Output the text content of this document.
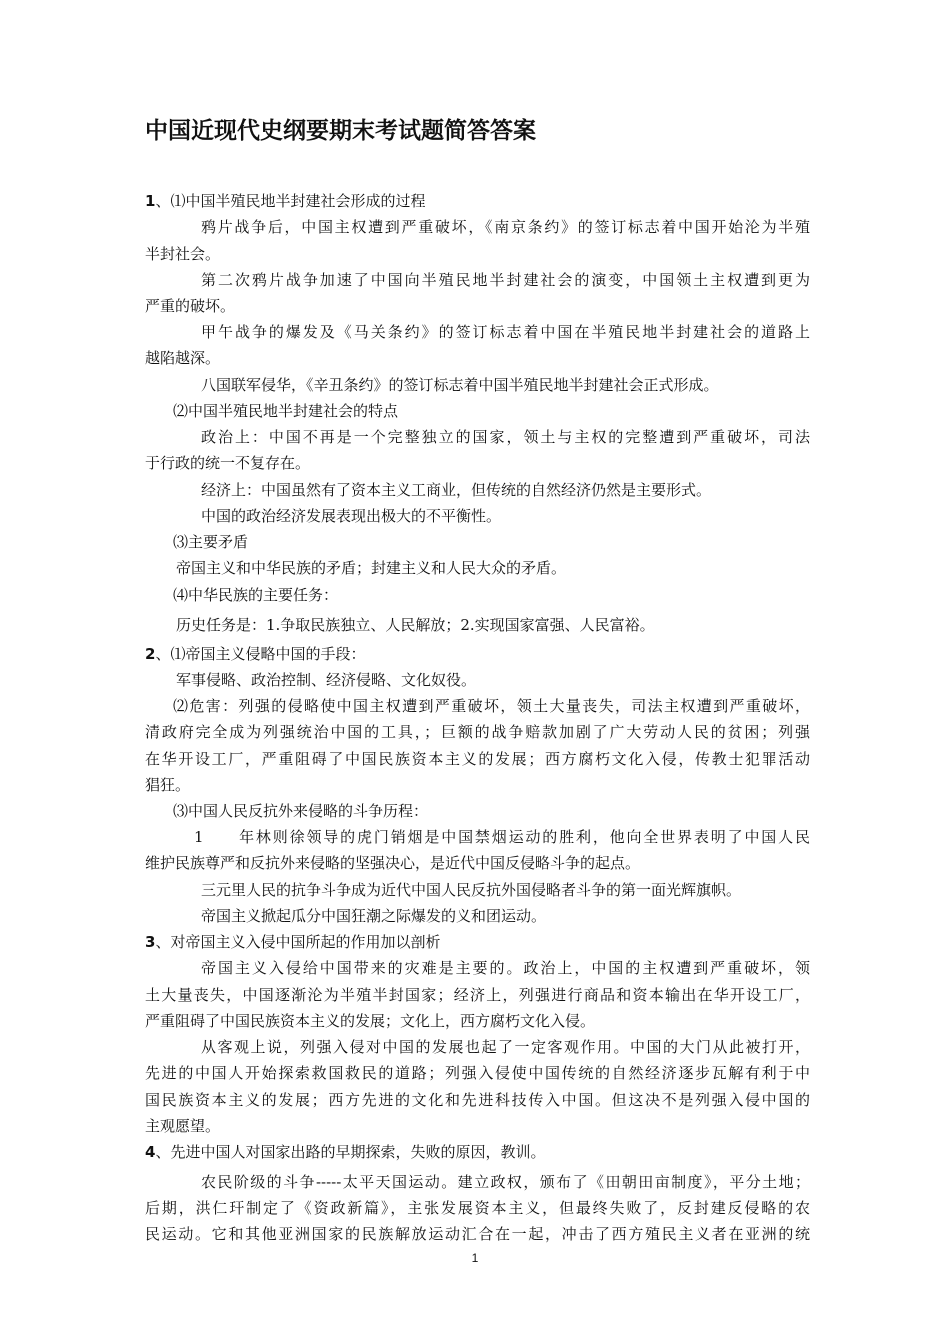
中国近现代史纲要期末考试题简答答案
1、⑴中国半殖民地半封建社会形成的过程
鸦片战争后，中国主权遭到严重破坏，《南京条约》的签订标志着中国开始沦为半殖
半封社会。
第二次鸦片战争加速了中国向半殖民地半封建社会的演变，中国领土主权遭到更为
严重的破坏。
甲午战争的爆发及《马关条约》的签订标志着中国在半殖民地半封建社会的道路上
越陷越深。
八国联军侵华，《辛丑条约》的签订标志着中国半殖民地半封建社会正式形成。
⑵中国半殖民地半封建社会的特点
政治上：中国不再是一个完整独立的国家，领土与主权的完整遭到严重破坏，司法
于行政的统一不复存在。
经济上：中国虽然有了资本主义工商业，但传统的自然经济仍然是主要形式。
中国的政治经济发展表现出极大的不平衡性。
⑶主要矛盾
帝国主义和中华民族的矛盾；封建主义和人民大众的矛盾。
⑷中华民族的主要任务：
历史任务是：1.争取民族独立、人民解放；2.实现国家富强、人民富裕。
2、⑴帝国主义侵略中国的手段：
军事侵略、政治控制、经济侵略、文化奴役。
⑵危害：列强的侵略使中国主权遭到严重破坏，领土大量丧失，司法主权遭到严重破坏，
清政府完全成为列强统治中国的工具，；巨额的战争赔款加剧了广大劳动人民的贫困；列强
在华开设工厂，严重阻碍了中国民族资本主义的发展；西方腐朽文化入侵，传教士犯罪活动
猖狂。
⑶中国人民反抗外来侵略的斗争历程：
1　　年林则徐领导的虎门销烟是中国禁烟运动的胜利，他向全世界表明了中国人民
维护民族尊严和反抗外来侵略的坚强决心，是近代中国反侵略斗争的起点。
三元里人民的抗争斗争成为近代中国人民反抗外国侵略者斗争的第一面光辉旗帜。
帝国主义掀起瓜分中国狂潮之际爆发的义和团运动。
3、对帝国主义入侵中国所起的作用加以剖析
帝国主义入侵给中国带来的灾难是主要的。政治上，中国的主权遭到严重破坏，领
土大量丧失，中国逐渐沦为半殖半封国家；经济上，列强进行商品和资本输出在华开设工厂，
严重阻碍了中国民族资本主义的发展；文化上，西方腐朽文化入侵。
从客观上说，列强入侵对中国的发展也起了一定客观作用。中国的大门从此被打开，
先进的中国人开始探索救国救民的道路；列强入侵使中国传统的自然经济逐步瓦解有利于中
国民族资本主义的发展；西方先进的文化和先进科技传入中国。但这决不是列强入侵中国的
主观愿望。
4、先进中国人对国家出路的早期探索，失败的原因，教训。
农民阶级的斗争-----太平天国运动。建立政权，颁布了《田朝田亩制度》，平分土地；
后期，洪仁玕制定了《资政新篇》，主张发展资本主义，但最终失败了，反封建反侵略的农
民运动。它和其他亚洲国家的民族解放运动汇合在一起，冲击了西方殖民主义者在亚洲的统
1
